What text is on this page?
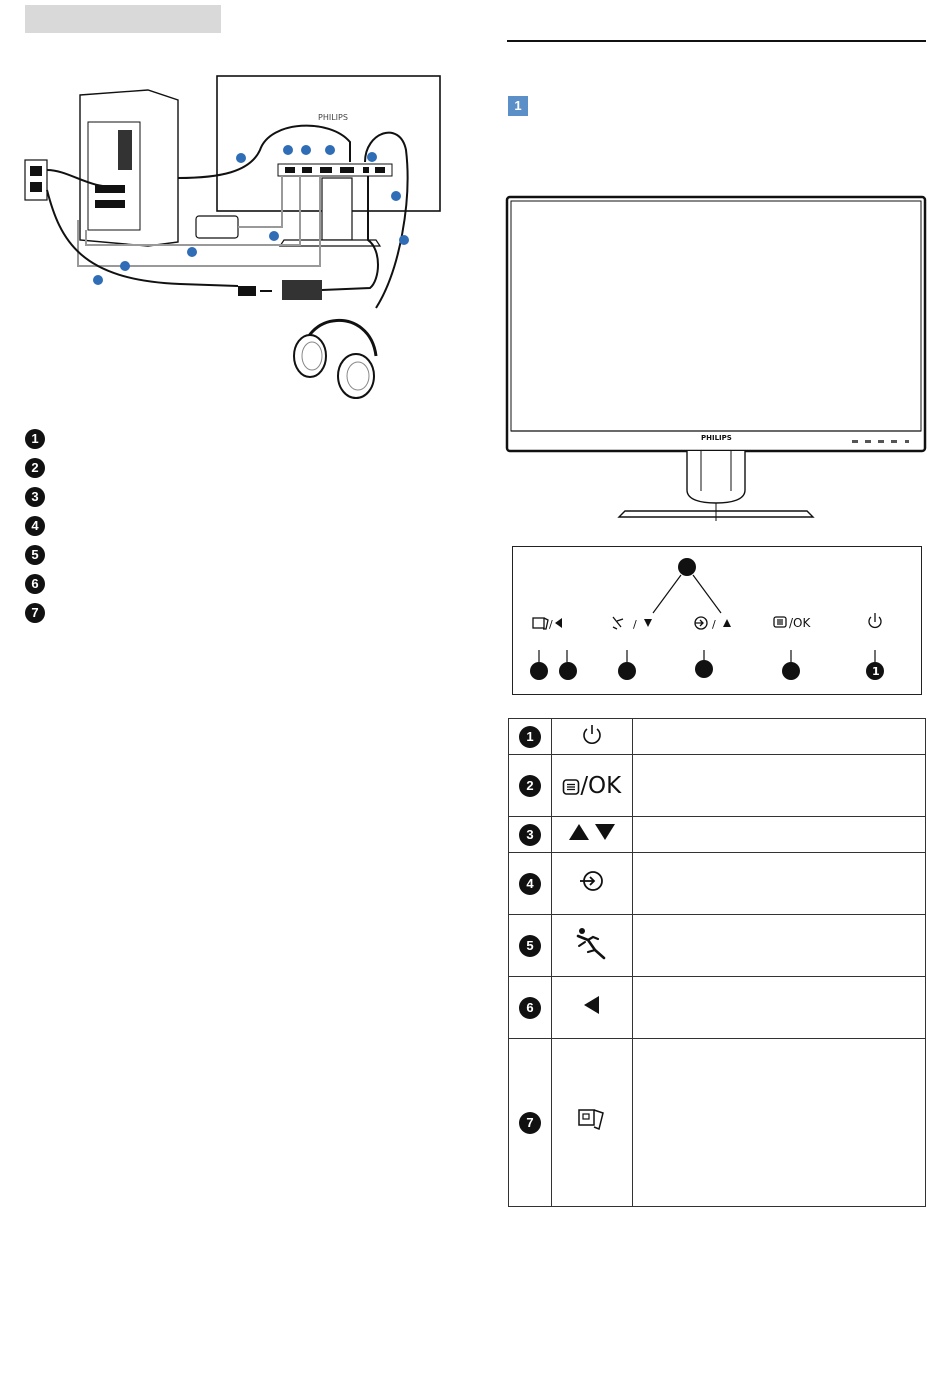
1
PHILIPS
1
2
3
4
5
6
7
PHILIPS
/	/	/	/OK
1
1		
2	/OK	
3		
4		
5		
6		
7		
